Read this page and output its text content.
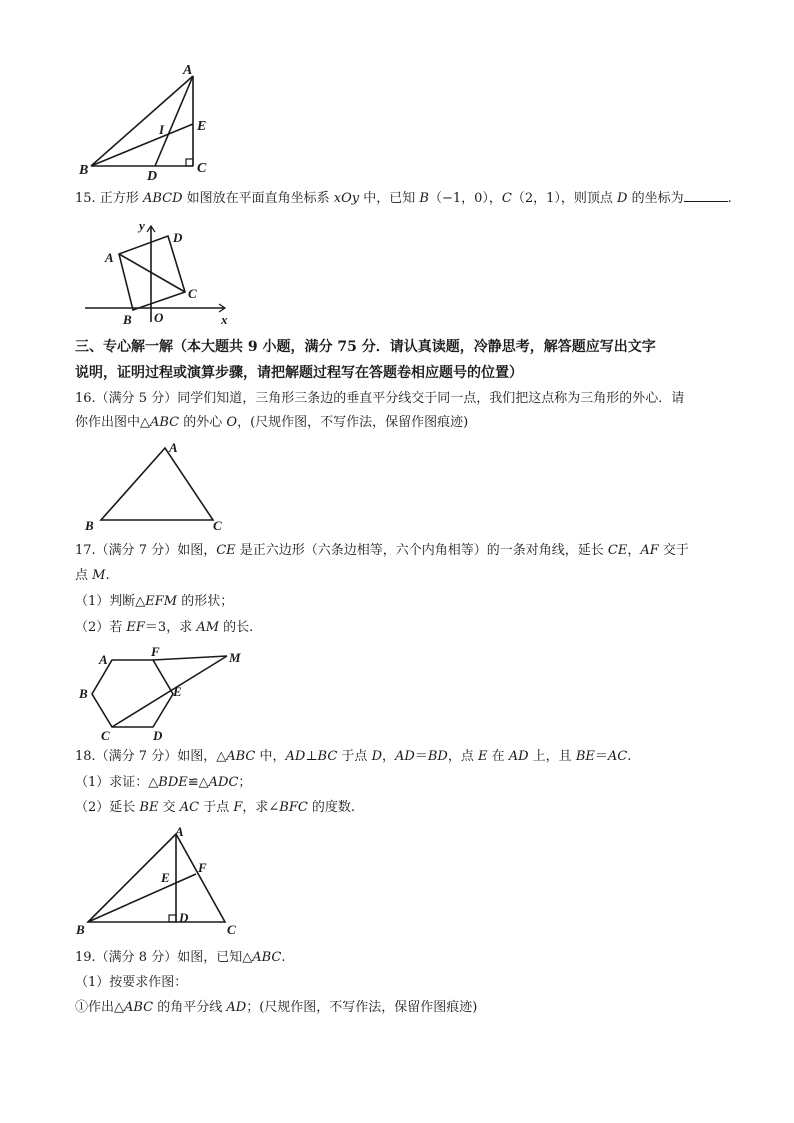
A
E
I
B	D
C
15. 正方形 ABCD 如图放在平面直角坐标系 xOy 中，已知 B（−1，0），C（2，1），则顶点 D 的坐标为	.
y
D
A
C
B O	x
三、专心解一解（本大题共 9 小题，满分 75 分．请认真读题，冷静思考，解答题应写出文字
说明，证明过程或演算步骤，请把解题过程写在答题卷相应题号的位置）
16.（满分 5 分）同学们知道，三角形三条边的垂直平分线交于同一点，我们把这点称为三角形的外心．请
你作出图中△ABC 的外心 O，(尺规作图，不写作法，保留作图痕迹)
A
B	C
17.（满分 7 分）如图，CE 是正六边形（六条边相等，六个内角相等）的一条对角线，延长 CE，AF 交于
点 M.
（1）判断△EFM 的形状；
（2）若 EF＝3，求 AM 的长.
A
F	M
B	E
C	D
18.（满分 7 分）如图，△ABC 中，AD⊥BC 于点 D，AD＝BD，点 E 在 AD 上，且 BE＝AC.
（1）求证：△BDE≌△ADC；
（2）延长 BE 交 AC 于点 F，求∠BFC 的度数.
A
F
E
D
B	C
19.（满分 8 分）如图，已知△ABC.
（1）按要求作图：
①作出△ABC 的角平分线 AD；(尺规作图，不写作法，保留作图痕迹)
